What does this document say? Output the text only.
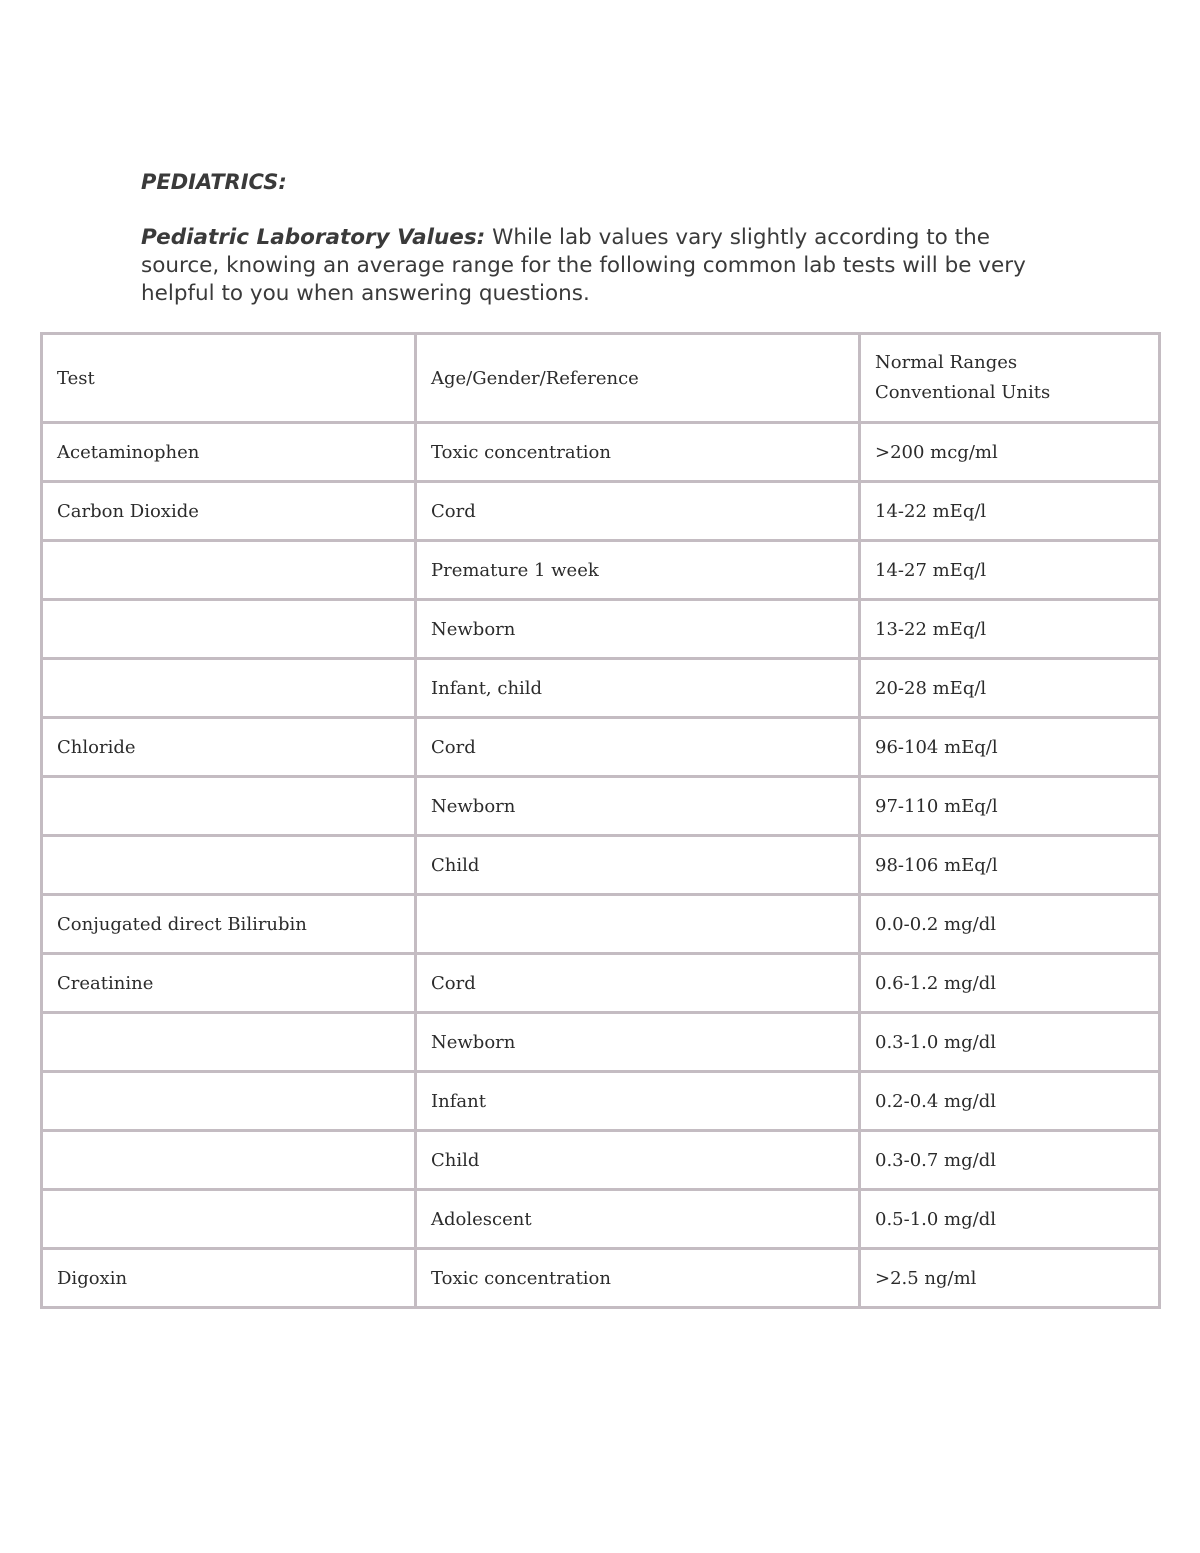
PEDIATRICS:

Pediatric Laboratory Values: While lab values vary slightly according to the source, knowing an average range for the following common lab tests will be very helpful to you when answering questions.

Test	Age/Gender/Reference	Normal Ranges
Conventional Units

Acetaminophen	Toxic concentration	>200 mcg/ml
Carbon Dioxide	Cord	14-22 mEq/l
	Premature 1 week	14-27 mEq/l
	Newborn	13-22 mEq/l
	Infant, child	20-28 mEq/l
Chloride	Cord	96-104 mEq/l
	Newborn	97-110 mEq/l
	Child	98-106 mEq/l
Conjugated direct Bilirubin		0.0-0.2 mg/dl
Creatinine	Cord	0.6-1.2 mg/dl
	Newborn	0.3-1.0 mg/dl
	Infant	0.2-0.4 mg/dl
	Child	0.3-0.7 mg/dl
	Adolescent	0.5-1.0 mg/dl
Digoxin	Toxic concentration	>2.5 ng/ml
